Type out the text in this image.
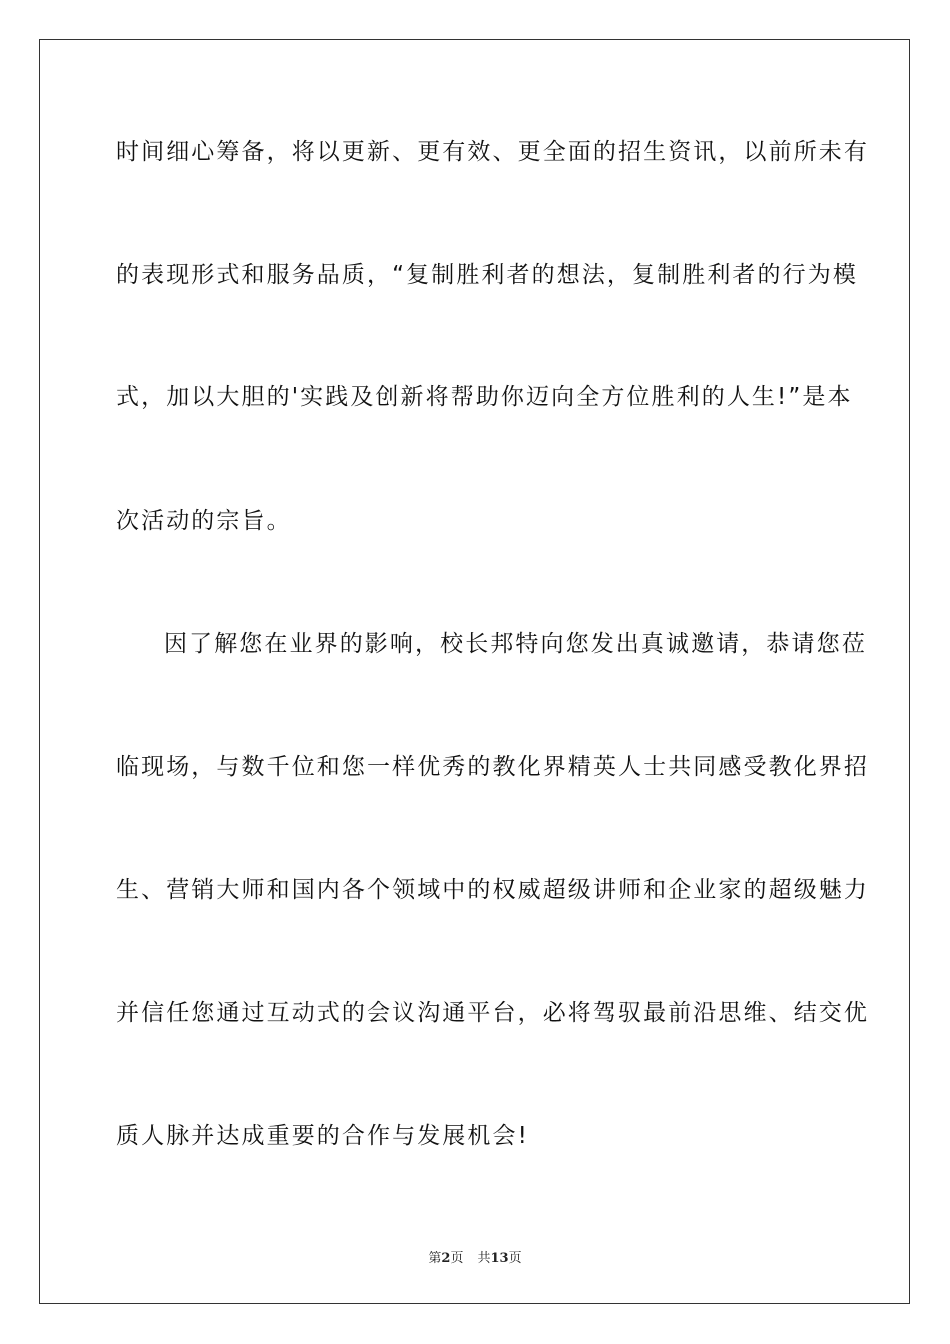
时间细心筹备，将以更新、更有效、更全面的招生资讯，以前所未有
的表现形式和服务品质，“复制胜利者的想法，复制胜利者的行为模
式，加以大胆的'实践及创新将帮助你迈向全方位胜利的人生!”是本
次活动的宗旨。
因了解您在业界的影响，校长邦特向您发出真诚邀请，恭请您莅
临现场，与数千位和您一样优秀的教化界精英人士共同感受教化界招
生、营销大师和国内各个领域中的权威超级讲师和企业家的超级魅力
并信任您通过互动式的会议沟通平台，必将驾驭最前沿思维、结交优
质人脉并达成重要的合作与发展机会!
第2页 共13页
